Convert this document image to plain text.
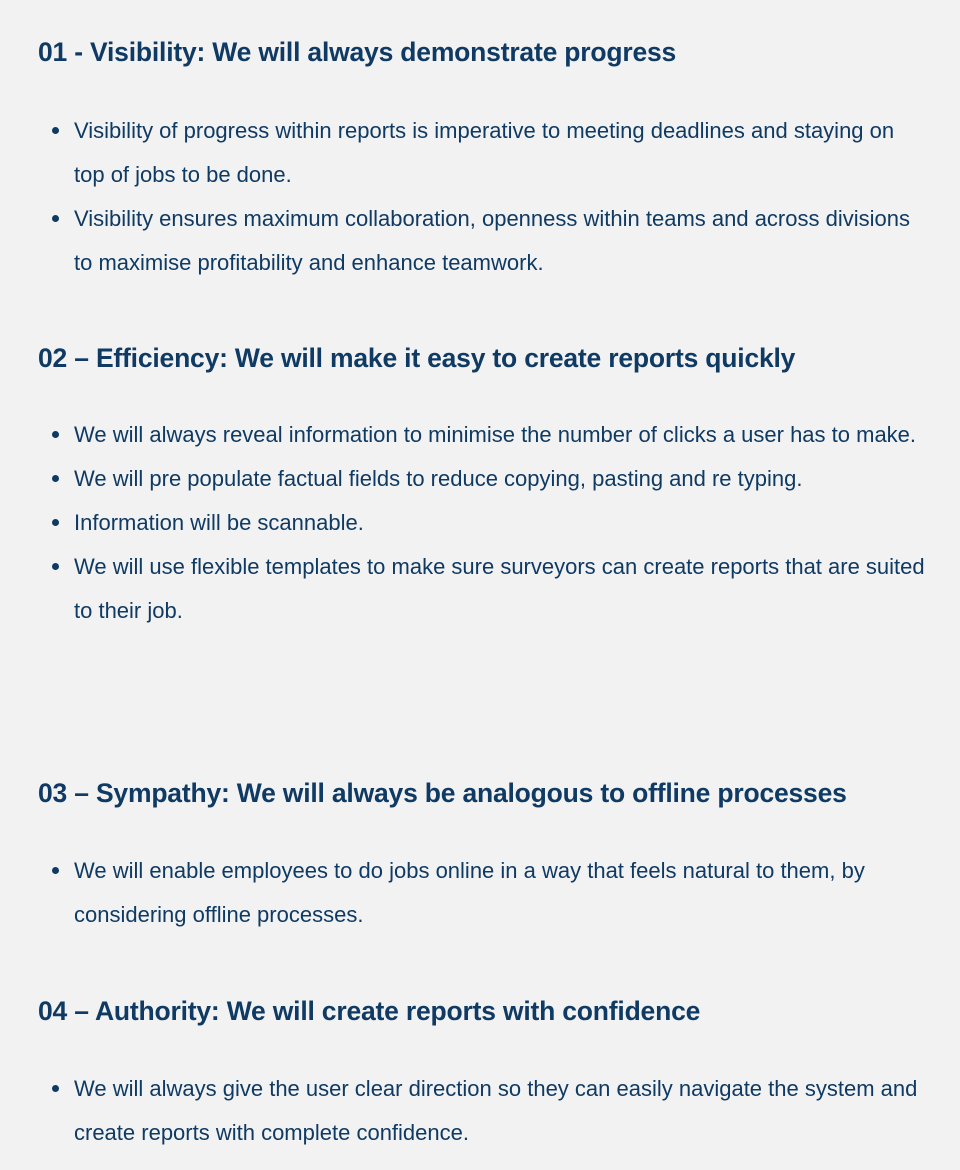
01 - Visibility: We will always demonstrate progress
Visibility of progress within reports is imperative to meeting deadlines and staying on top of jobs to be done.
Visibility ensures maximum collaboration, openness within teams and across divisions to maximise profitability and enhance teamwork.
02 – Efficiency: We will make it easy to create reports quickly
We will always reveal information to minimise the number of clicks a user has to make.
We will pre populate factual fields to reduce copying, pasting and re typing.
Information will be scannable.
We will use flexible templates to make sure surveyors can create reports that are suited to their job.
03 – Sympathy: We will always be analogous to offline processes
We will enable employees to do jobs online in a way that feels natural to them, by considering offline processes.
04 – Authority: We will create reports with confidence
We will always give the user clear direction so they can easily navigate the system and create reports with complete confidence.
